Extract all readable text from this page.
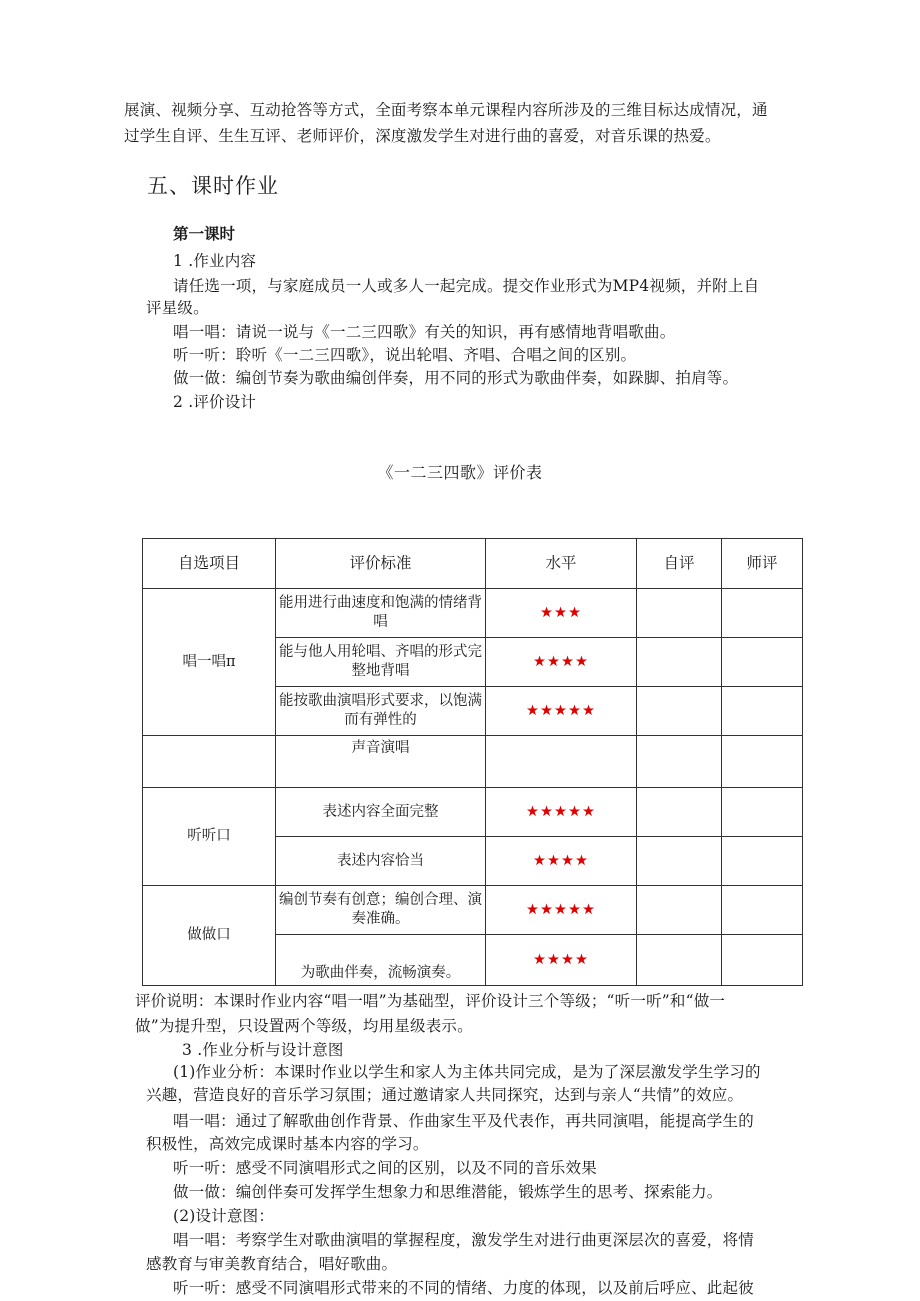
展演、视频分享、互动抢答等方式，全面考察本单元课程内容所涉及的三维目标达成情况，通
过学生自评、生生互评、老师评价，深度激发学生对进行曲的喜爱，对音乐课的热爱。
五、课时作业
第一课时
1 .作业内容
请任选一项，与家庭成员一人或多人一起完成。提交作业形式为MP4视频，并附上自
评星级。
唱一唱：请说一说与《一二三四歌》有关的知识，再有感情地背唱歌曲。
听一听：聆听《一二三四歌》，说出轮唱、齐唱、合唱之间的区别。
做一做：编创节奏为歌曲编创伴奏，用不同的形式为歌曲伴奏，如跺脚、拍肩等。
2 .评价设计
《一二三四歌》评价表
自选项目	评价标准	水平	自评	师评
唱一唱π	能用进行曲速度和饱满的情绪背唱	★★★		
	能与他人用轮唱、齐唱的形式完整地背唱	★★★★		
	能按歌曲演唱形式要求，以饱满而有弹性的	★★★★★		
	声音演唱			
听听口	表述内容全面完整	★★★★★		
	表述内容恰当	★★★★		
做做口	编创节奏有创意；编创合理、演奏准确。	★★★★★		
	为歌曲伴奏，流畅演奏。	★★★★		
评价说明：本课时作业内容“唱一唱”为基础型，评价设计三个等级；“听一听”和“做一
做”为提升型，只设置两个等级，均用星级表示。
3 .作业分析与设计意图
(1)作业分析：本课时作业以学生和家人为主体共同完成，是为了深层激发学生学习的
兴趣，营造良好的音乐学习氛围；通过邀请家人共同探究，达到与亲人“共情”的效应。
唱一唱：通过了解歌曲创作背景、作曲家生平及代表作，再共同演唱，能提高学生的
积极性，高效完成课时基本内容的学习。
听一听：感受不同演唱形式之间的区别，以及不同的音乐效果
做一做：编创伴奏可发挥学生想象力和思维潜能，锻炼学生的思考、探索能力。
(2)设计意图：
唱一唱：考察学生对歌曲演唱的掌握程度，激发学生对进行曲更深层次的喜爱，将情
感教育与审美教育结合，唱好歌曲。
听一听：感受不同演唱形式带来的不同的情绪、力度的体现，以及前后呼应、此起彼
